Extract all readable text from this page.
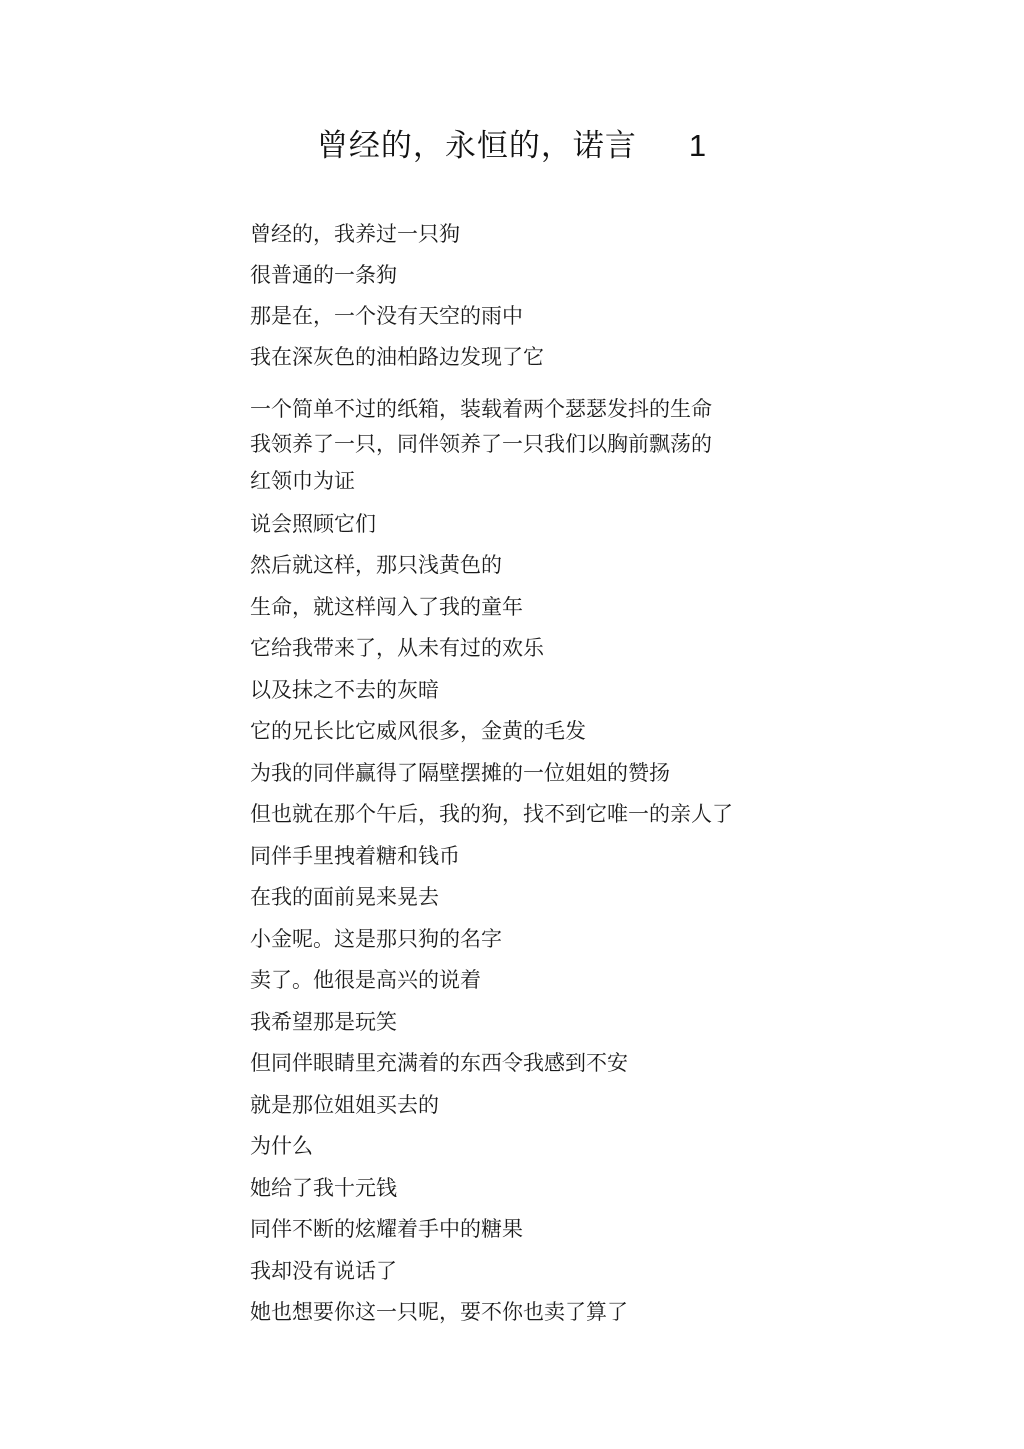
曾经的，永恒的，诺言 1
曾经的，我养过一只狗
很普通的一条狗
那是在，一个没有天空的雨中
我在深灰色的油柏路边发现了它
一个简单不过的纸箱，装载着两个瑟瑟发抖的生命
我领养了一只，同伴领养了一只我们以胸前飘荡的
红领巾为证
说会照顾它们
然后就这样，那只浅黄色的
生命，就这样闯入了我的童年
它给我带来了，从未有过的欢乐
以及抹之不去的灰暗
它的兄长比它威风很多，金黄的毛发
为我的同伴赢得了隔壁摆摊的一位姐姐的赞扬
但也就在那个午后，我的狗，找不到它唯一的亲人了
同伴手里拽着糖和钱币
在我的面前晃来晃去
小金呢。这是那只狗的名字
卖了。他很是高兴的说着
我希望那是玩笑
但同伴眼睛里充满着的东西令我感到不安
就是那位姐姐买去的
为什么
她给了我十元钱
同伴不断的炫耀着手中的糖果
我却没有说话了
她也想要你这一只呢，要不你也卖了算了
